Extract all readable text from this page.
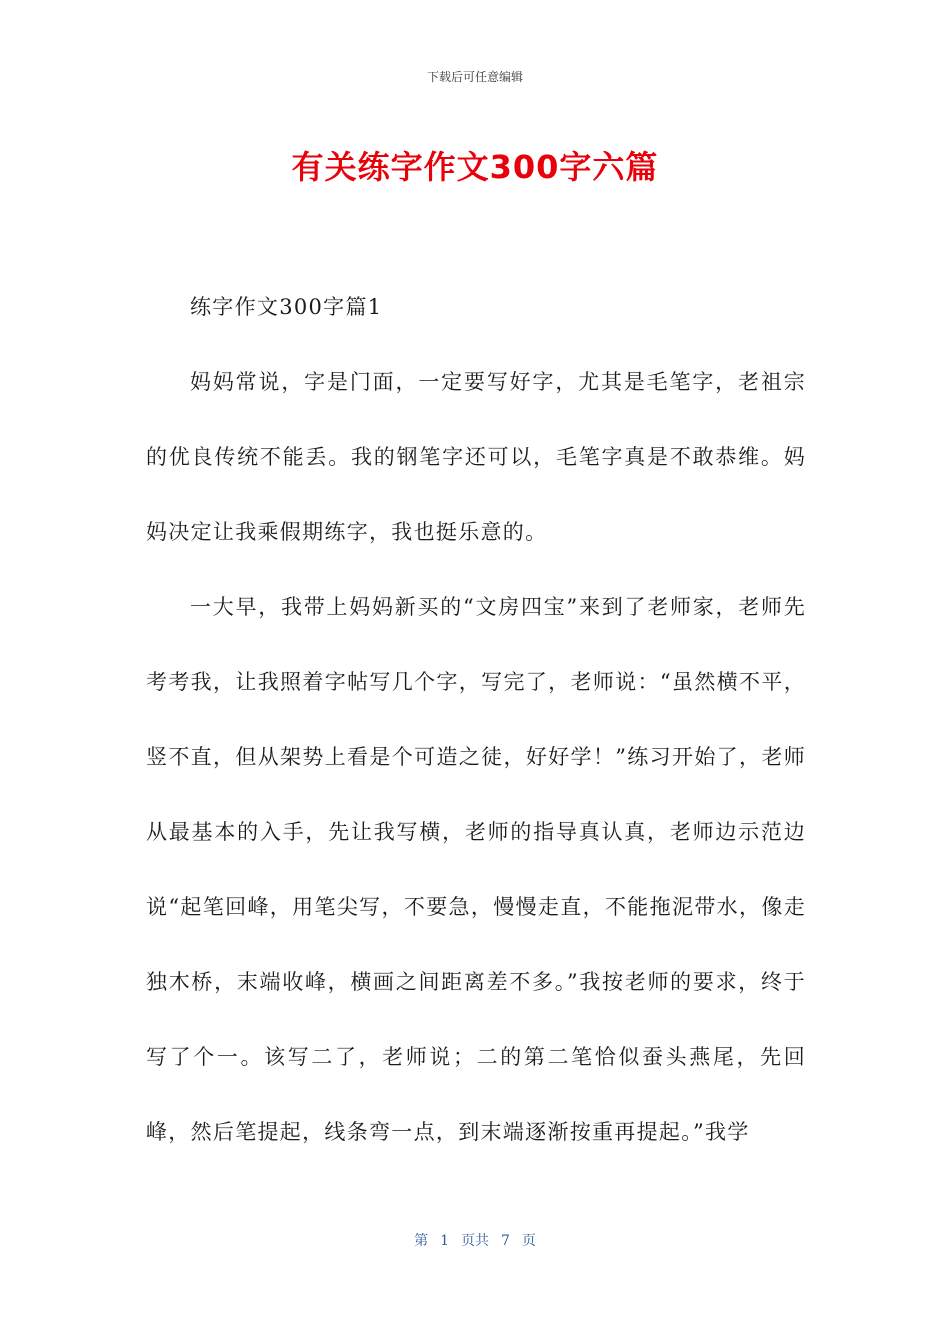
下载后可任意编辑
有关练字作文300字六篇

练字作文300字篇1

妈妈常说，字是门面，一定要写好字，尤其是毛笔字，老祖宗的优良传统不能丢。我的钢笔字还可以，毛笔字真是不敢恭维。妈妈决定让我乘假期练字，我也挺乐意的。

一大早，我带上妈妈新买的“文房四宝”来到了老师家，老师先考考我，让我照着字帖写几个字，写完了，老师说：“虽然横不平，竖不直，但从架势上看是个可造之徒，好好学！”练习开始了，老师从最基本的入手，先让我写横，老师的指导真认真，老师边示范边说“起笔回峰，用笔尖写，不要急，慢慢走直，不能拖泥带水，像走独木桥，末端收峰，横画之间距离差不多。”我按老师的要求，终于写了个一。该写二了，老师说；二的第二笔恰似蚕头燕尾，先回峰，然后笔提起，线条弯一点，到末端逐渐按重再提起。”我学

第 1 页共 7 页
